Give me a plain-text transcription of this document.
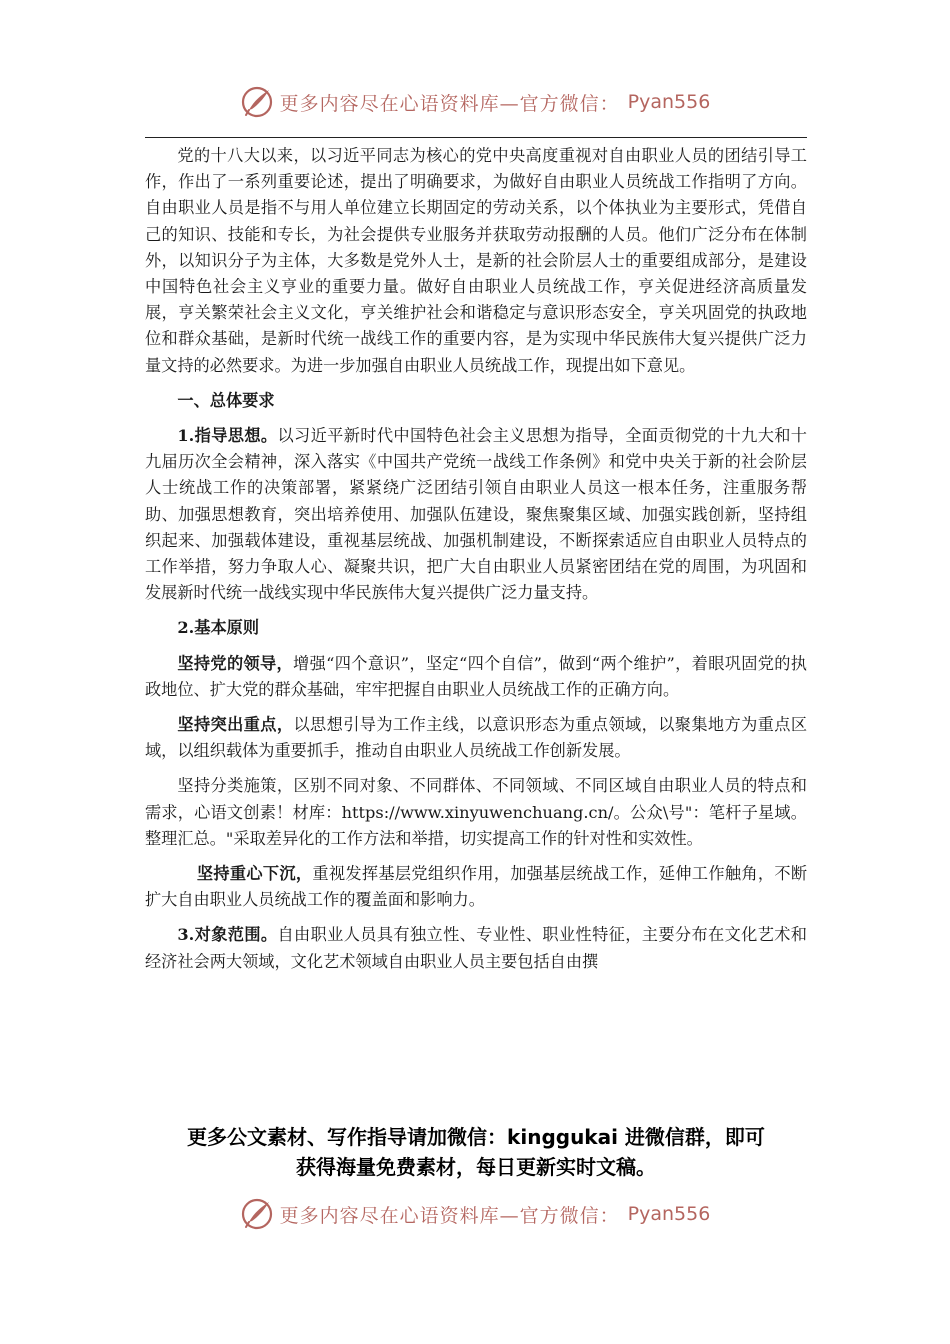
更多内容尽在心语资料库—官方微信： Pyan556

党的十八大以来，以习近平同志为核心的党中央高度重视对自由职业人员的团结引导工作，作出了一系列重要论述，提出了明确要求，为做好自由职业人员统战工作指明了方向。自由职业人员是指不与用人单位建立长期固定的劳动关系，以个体执业为主要形式，凭借自己的知识、技能和专长，为社会提供专业服务并获取劳动报酬的人员。他们广泛分布在体制外，以知识分子为主体，大多数是党外人士，是新的社会阶层人士的重要组成部分，是建设中国特色社会主义亨业的重要力量。做好自由职业人员统战工作，亨关促进经济高质量发展，亨关繁荣社会主义文化，亨关维护社会和谐稳定与意识形态安全，亨关巩固党的执政地位和群众基础，是新时代统一战线工作的重要内容，是为实现中华民族伟大复兴提供广泛力量文持的必然要求。为进一步加强自由职业人员统战工作，现提出如下意见。

一、总体要求

1.指导思想。以习近平新时代中国特色社会主义思想为指导，全面贡彻党的十九大和十九届历次全会精神，深入落实《中国共产党统一战线工作条例》和党中央关于新的社会阶层人士统战工作的决策部署，紧紧绕广泛团结引领自由职业人员这一根本任务，注重服务帮助、加强思想教育，突出培养使用、加强队伍建设，聚焦聚集区域、加强实践创新，坚持组织起来、加强载体建设，重视基层统战、加强机制建设，不断探索适应自由职业人员特点的工作举措，努力争取人心、凝聚共识，把广大自由职业人员紧密团结在党的周围，为巩固和发展新时代统一战线实现中华民族伟大复兴提供广泛力量支持。

2.基本原则

坚持党的领导，增强“四个意识”，坚定“四个自信”，做到“两个维护”，着眼巩固党的执政地位、扩大党的群众基础，牢牢把握自由职业人员统战工作的正确方向。

坚持突出重点，以思想引导为工作主线，以意识形态为重点领域，以聚集地方为重点区域，以组织载体为重要抓手，推动自由职业人员统战工作创新发展。

坚持分类施策，区别不同对象、不同群体、不同领域、不同区域自由职业人员的特点和需求，心语文创素！材库：https://www.xinyuwenchuang.cn/。公众\号"：笔杆子星域。整理汇总。"采取差异化的工作方法和举措，切实提高工作的针对性和实效性。

坚持重心下沉，重视发挥基层党组织作用，加强基层统战工作，延伸工作触角，不断扩大自由职业人员统战工作的覆盖面和影响力。

3.对象范围。自由职业人员具有独立性、专业性、职业性特征，主要分布在文化艺术和经济社会两大领域，文化艺术领域自由职业人员主要包括自由撰

更多公文素材、写作指导请加微信：kinggukai 进微信群，即可
获得海量免费素材，每日更新实时文稿。
更多内容尽在心语资料库—官方微信： Pyan556
